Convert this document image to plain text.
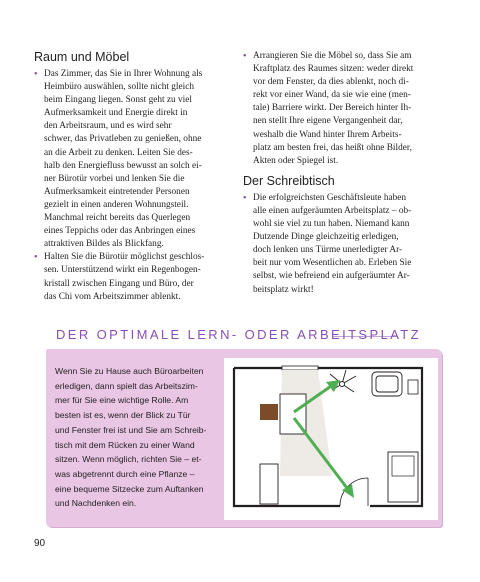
Raum und Möbel
• Das Zimmer, das Sie in Ihrer Wohnung als
Heimbüro auswählen, sollte nicht gleich
beim Eingang liegen. Sonst geht zu viel
Aufmerksamkeit und Energie direkt in
den Arbeitsraum, und es wird sehr
schwer, das Privatleben zu genießen, ohne
an die Arbeit zu denken. Leiten Sie des-
halb den Energiefluss bewusst an solch ei-
ner Bürotür vorbei und lenken Sie die
Aufmerksamkeit eintretender Personen
gezielt in einen anderen Wohnungsteil.
Manchmal reicht bereits das Querlegen
eines Teppichs oder das Anbringen eines
attraktiven Bildes als Blickfang.
• Halten Sie die Bürotür möglichst geschlos-
sen. Unterstützend wirkt ein Regenbogen-
kristall zwischen Eingang und Büro, der
das Chi vom Arbeitszimmer ablenkt.
• Arrangieren Sie die Möbel so, dass Sie am
Kraftplatz des Raumes sitzen: weder direkt
vor dem Fenster, da dies ablenkt, noch di-
rekt vor einer Wand, da sie wie eine (men-
tale) Barriere wirkt. Der Bereich hinter Ih-
nen stellt Ihre eigene Vergangenheit dar,
weshalb die Wand hinter Ihrem Arbeits-
platz am besten frei, das heißt ohne Bilder,
Akten oder Spiegel ist.
Der Schreibtisch
• Die erfolgreichsten Geschäftsleute haben
alle einen aufgeräumten Arbeitsplatz – ob-
wohl sie viel zu tun haben. Niemand kann
Dutzende Dinge gleichzeitig erledigen,
doch lenken uns Türme unerledigter Ar-
beit nur vom Wesentlichen ab. Erleben Sie
selbst, wie befreiend ein aufgeräumter Ar-
beitsplatz wirkt!
DER OPTIMALE LERN- ODER ARBEITSPLATZ
Wenn Sie zu Hause auch Büroarbeiten
erledigen, dann spielt das Arbeitszim-
mer für Sie eine wichtige Rolle. Am
besten ist es, wenn der Blick zu Tür
und Fenster frei ist und Sie am Schreib-
tisch mit dem Rücken zu einer Wand
sitzen. Wenn möglich, richten Sie – et-
was abgetrennt durch eine Pflanze –
eine bequeme Sitzecke zum Auftanken
und Nachdenken ein.
90
